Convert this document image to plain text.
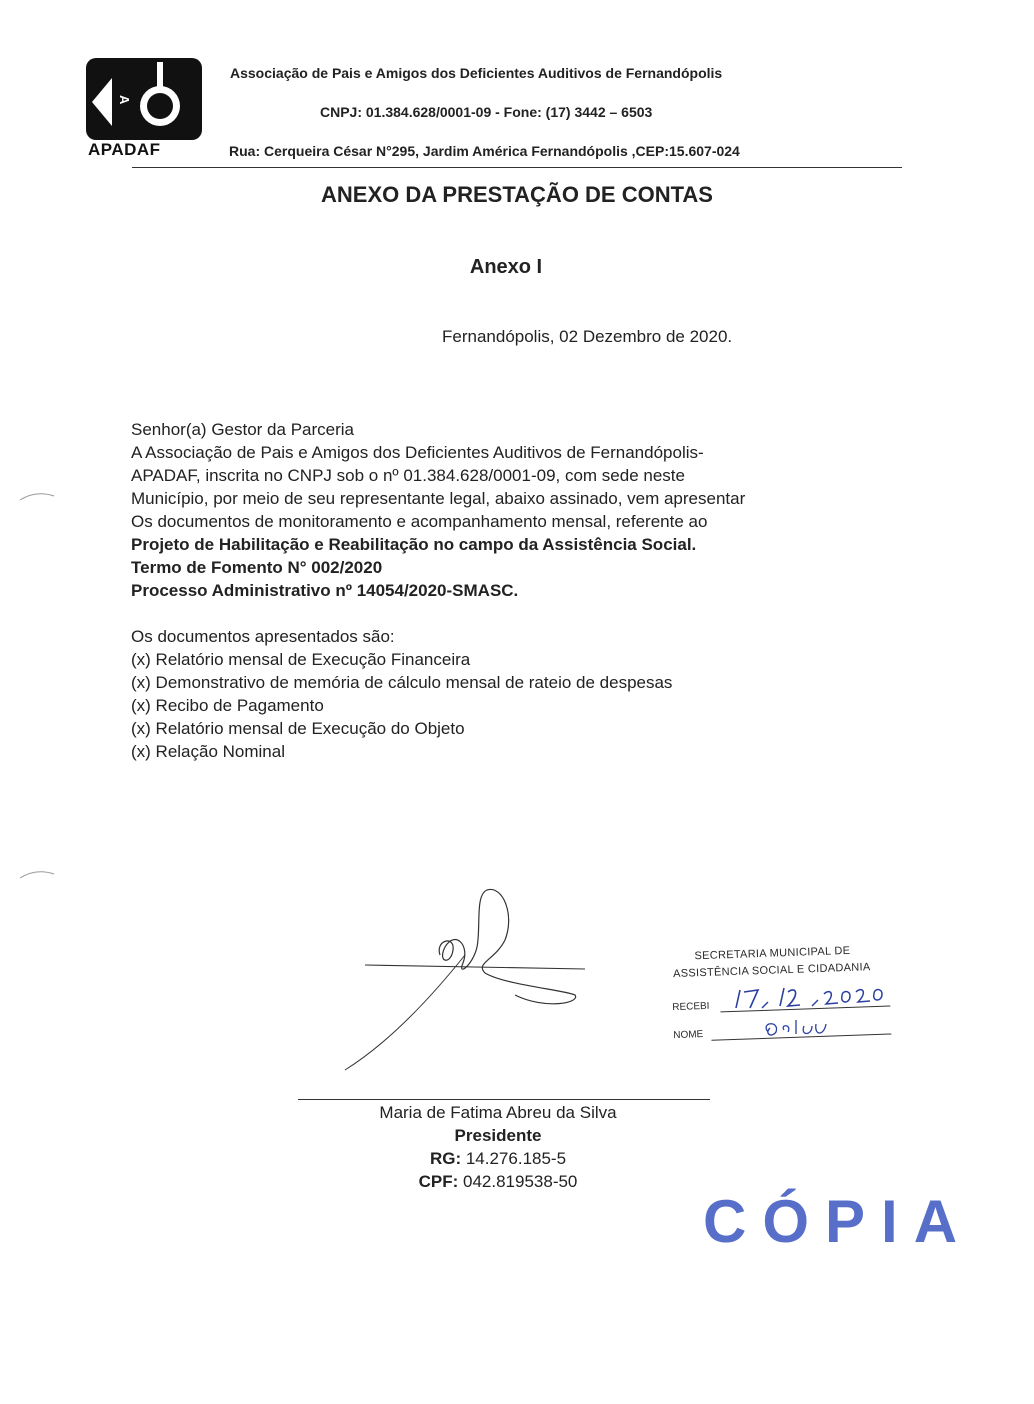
A
APADAF
Associação de Pais e Amigos dos Deficientes Auditivos de Fernandópolis
CNPJ: 01.384.628/0001-09 - Fone: (17) 3442 – 6503
Rua: Cerqueira César N°295, Jardim América Fernandópolis ,CEP:15.607-024
ANEXO DA PRESTAÇÃO DE CONTAS
Anexo I
Fernandópolis, 02 Dezembro de 2020.
Senhor(a) Gestor da Parceria
A Associação de Pais e Amigos dos Deficientes Auditivos de Fernandópolis-
APADAF, inscrita no CNPJ sob o nº 01.384.628/0001-09, com sede neste
Município, por meio de seu representante legal, abaixo assinado, vem apresentar
Os documentos de monitoramento e acompanhamento mensal, referente ao
Projeto de Habilitação e Reabilitação no campo da Assistência Social.
Termo de Fomento N° 002/2020
Processo Administrativo nº 14054/2020-SMASC.
Os documentos apresentados são:
(x) Relatório mensal de Execução Financeira
(x) Demonstrativo de memória de cálculo mensal de rateio de despesas
(x) Recibo de Pagamento
(x) Relatório mensal de Execução do Objeto
(x) Relação Nominal
Maria de Fatima Abreu da Silva
Presidente
RG: 14.276.185-5
CPF: 042.819538-50
SECRETARIA MUNICIPAL DE
ASSISTÊNCIA SOCIAL E CIDADANIA
RECEBI
NOME
CÓPIA
